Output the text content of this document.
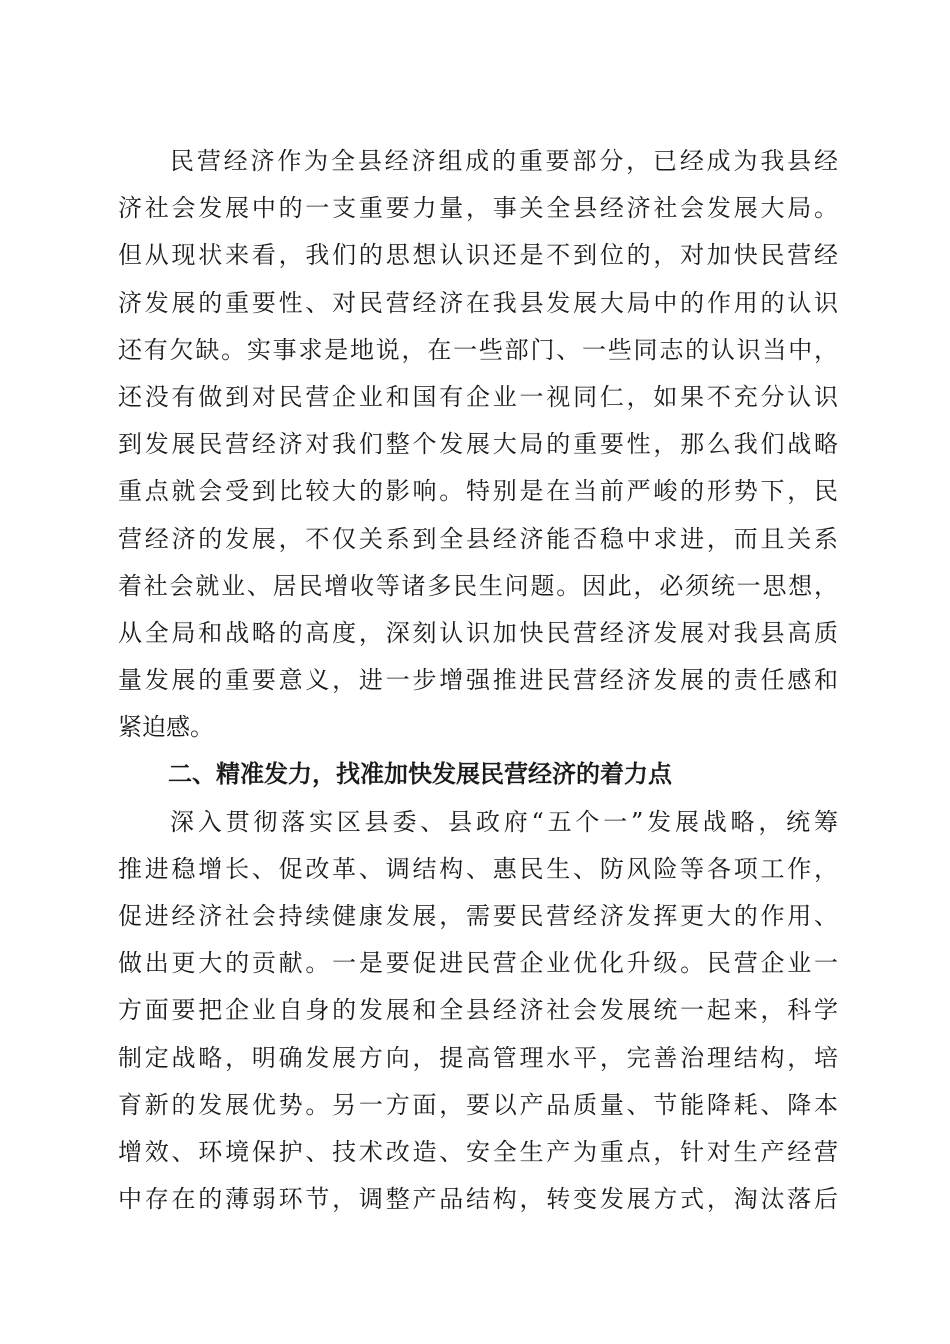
民营经济作为全县经济组成的重要部分，已经成为我县经
济社会发展中的一支重要力量，事关全县经济社会发展大局。
但从现状来看，我们的思想认识还是不到位的，对加快民营经
济发展的重要性、对民营经济在我县发展大局中的作用的认识
还有欠缺。实事求是地说，在一些部门、一些同志的认识当中，
还没有做到对民营企业和国有企业一视同仁，如果不充分认识
到发展民营经济对我们整个发展大局的重要性，那么我们战略
重点就会受到比较大的影响。特别是在当前严峻的形势下，民
营经济的发展，不仅关系到全县经济能否稳中求进，而且关系
着社会就业、居民增收等诸多民生问题。因此，必须统一思想，
从全局和战略的高度，深刻认识加快民营经济发展对我县高质
量发展的重要意义，进一步增强推进民营经济发展的责任感和
紧迫感。
二、精准发力，找准加快发展民营经济的着力点
深入贯彻落实区县委、县政府“五个一”发展战略，统筹
推进稳增长、促改革、调结构、惠民生、防风险等各项工作，
促进经济社会持续健康发展，需要民营经济发挥更大的作用、
做出更大的贡献。一是要促进民营企业优化升级。民营企业一
方面要把企业自身的发展和全县经济社会发展统一起来，科学
制定战略，明确发展方向，提高管理水平，完善治理结构，培
育新的发展优势。另一方面，要以产品质量、节能降耗、降本
增效、环境保护、技术改造、安全生产为重点，针对生产经营
中存在的薄弱环节，调整产品结构，转变发展方式，淘汰落后
